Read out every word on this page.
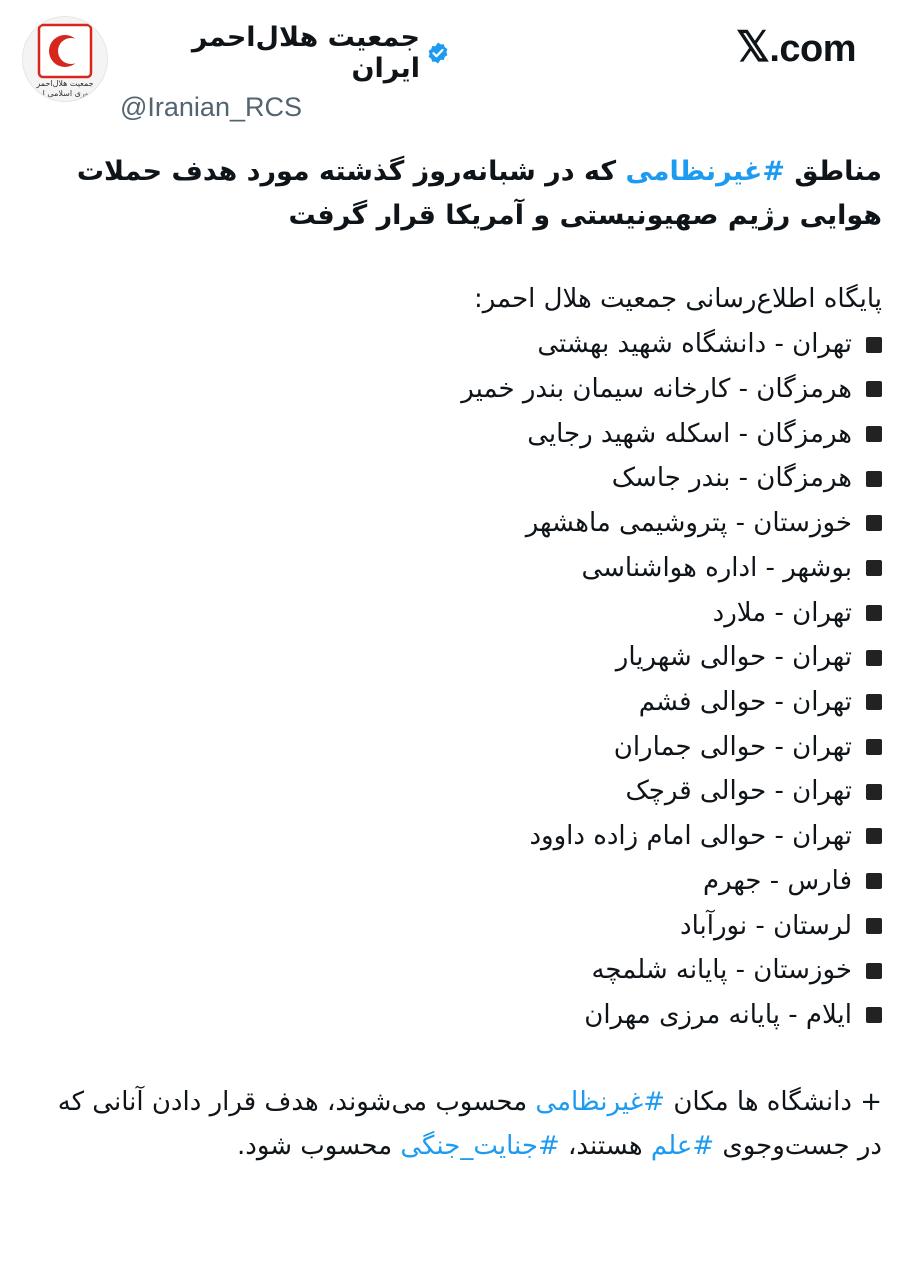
جمعیت هلال‌احمر
جمهوری اسلامی ایران
جمعیت هلال‌احمر ایران
@Iranian_RCS
𝕏.com

مناطق #غیرنظامی که در شبانه‌روز گذشته مورد هدف حملات هوایی رژیم صهیونیستی و آمریکا قرار گرفت

پایگاه اطلاع‌رسانی جمعیت هلال احمر:

تهران - دانشگاه شهید بهشتی
هرمزگان - کارخانه سیمان بندر خمیر
هرمزگان - اسکله شهید رجایی
هرمزگان - بندر جاسک
خوزستان - پتروشیمی ماهشهر
بوشهر - اداره هواشناسی
تهران - ملارد
تهران - حوالی شهریار
تهران - حوالی فشم
تهران - حوالی جماران
تهران - حوالی قرچک
تهران - حوالی امام زاده داوود
فارس - جهرم
لرستان - نورآباد
خوزستان - پایانه شلمچه
ایلام - پایانه مرزی مهران

+ دانشگاه ها مکان #غیرنظامی محسوب می‌شوند، هدف قرار دادن آنانی که در جست‌وجوی #علم هستند، #جنایت_جنگی محسوب شود.
